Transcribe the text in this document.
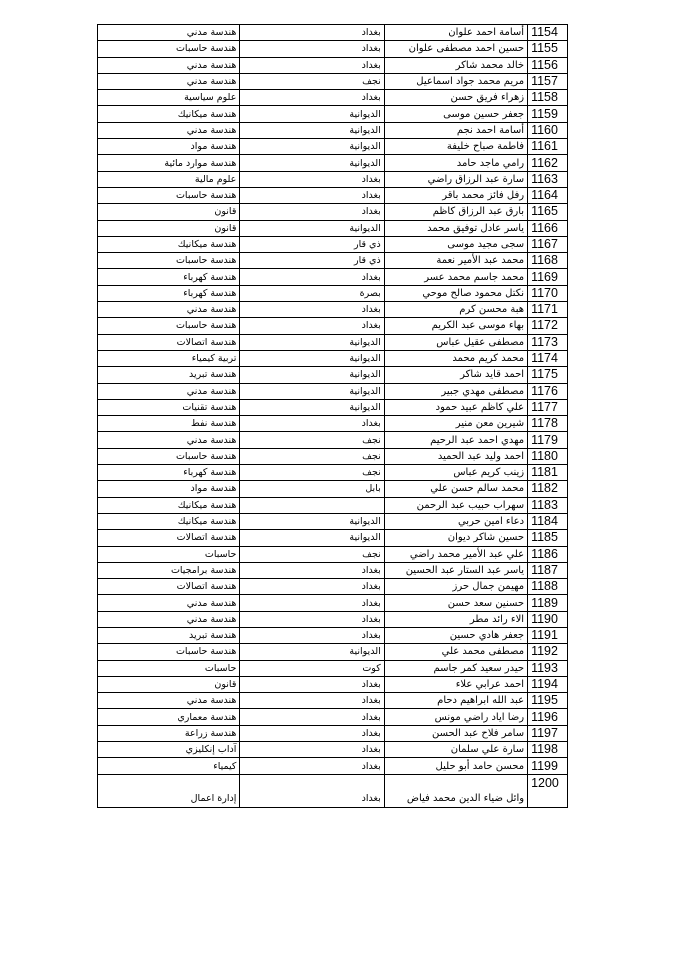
1154	أسامة احمد علوان	بغداد	هندسة مدني
1155	حسين احمد مصطفى علوان	بغداد	هندسة حاسبات
1156	خالد محمد شاكر	بغداد	هندسة مدني
1157	مريم محمد جواد اسماعيل	نجف	هندسة مدني
1158	زهراء فريق حسن	بغداد	علوم سياسية
1159	جعفر حسين موسى	الديوانية	هندسة ميكانيك
1160	أسامة احمد نجم	الديوانية	هندسة مدني
1161	فاطمة صباح خليفة	الديوانية	هندسة مواد
1162	رامي ماجد حامد	الديوانية	هندسة موارد مائية
1163	سارة عبد الرزاق راضي	بغداد	علوم مالية
1164	رفل فائز محمد باقر	بغداد	هندسة حاسبات
1165	بارق عبد الرزاق كاظم	بغداد	قانون
1166	ياسر عادل توفيق محمد	الديوانية	قانون
1167	سجى مجيد موسى	ذي قار	هندسة ميكانيك
1168	محمد عبد الأمير نعمة	ذي قار	هندسة حاسبات
1169	محمد جاسم محمد عسر	بغداد	هندسة كهرباء
1170	نكتل محمود صالح موحي	بصرة	هندسة كهرباء
1171	هبة محسن كرم	بغداد	هندسة مدني
1172	بهاء موسى عبد الكريم	بغداد	هندسة حاسبات
1173	مصطفى عقيل عباس	الديوانية	هندسة اتصالات
1174	محمد كريم محمد	الديوانية	تربية كيمياء
1175	احمد قايد شاكر	الديوانية	هندسة تبريد
1176	مصطفى مهدي جبير	الديوانية	هندسة مدني
1177	علي كاظم عبيد حمود	الديوانية	هندسة تقنيات
1178	شيرين معن منير	بغداد	هندسة نفط
1179	مهدي احمد عبد الرحيم	نجف	هندسة مدني
1180	احمد وليد عبد الحميد	نجف	هندسة حاسبات
1181	زينب كريم عباس	نجف	هندسة كهرباء
1182	محمد سالم حسن علي	بابل	هندسة مواد
1183	سهراب حبيب عبد الرحمن		هندسة ميكانيك
1184	دعاء امين حربي	الديوانية	هندسة ميكانيك
1185	حسين شاكر ديوان	الديوانية	هندسة اتصالات
1186	علي عبد الأمير محمد راضي	نجف	حاسبات
1187	ياسر عبد الستار عبد الحسين	بغداد	هندسة برامجيات
1188	مهيمن جمال حرز	بغداد	هندسة اتصالات
1189	حسنين سعد حسن	بغداد	هندسة مدني
1190	الاء رائد مطر	بغداد	هندسة مدني
1191	جعفر هادي حسين	بغداد	هندسة تبريد
1192	مصطفى محمد علي	الديوانية	هندسة حاسبات
1193	حيدر سعيد كمر جاسم	كوت	حاسبات
1194	احمد عرابي علاء	بغداد	قانون
1195	عبد الله ابراهيم دحام	بغداد	هندسة مدني
1196	رضا اياد راضي مونس	بغداد	هندسة معماري
1197	سامر فلاح عبد الحسن	بغداد	هندسة زراعة
1198	سارة علي سلمان	بغداد	آداب إنكليزي
1199	محسن حامد أبو حليل	بغداد	كيمياء
1200	وائل ضياء الدين محمد فياض	بغداد	إدارة اعمال
